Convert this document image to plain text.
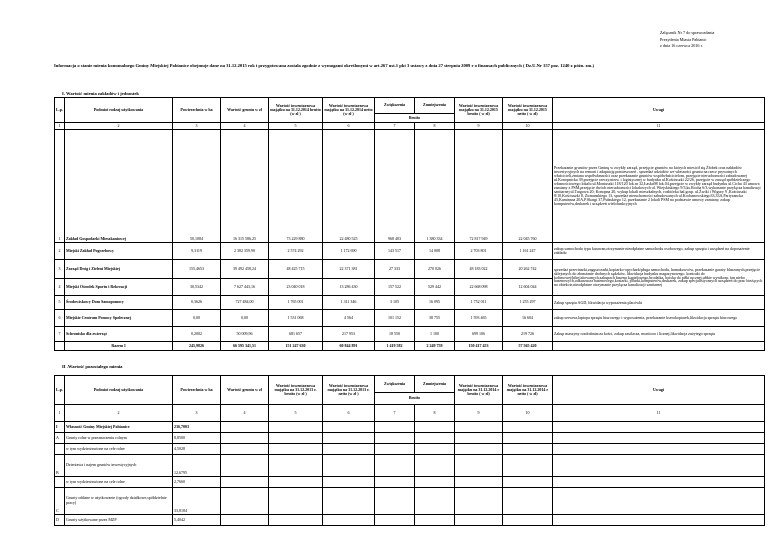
Załącznik Nr 7 do sprawozdania
Prezydenta Miasta Pabianic
z dnia 16 czerwca 2016 r.
Informacja o stanie mienia komunalnego Gminy Miejskiej Pabianice obejmuje dane na 31.12.2015 rok i przygotowana została zgodnie z wymogami określonymi w art.267 ust.1 pkt 3 ustawy z dnia 27 sierpnia 2009 r o finansach publicznych ( Dz.U.Nr 157 poz. 1240 z późn. zm.)
I. Wartość mienia zakładów i jednostek
L.p.	Podmiot rodzaj użytkowania	Powierzchnia w ha	Wartość gruntu w zł	Wartość inwentarzowa majątku na 31.12.2014 brutto (w zł )	Wartość inwentarzowa majątku na 31.12.2014 netto (w zł )	Zwiększenia	Zmniejszenia	Wartość inwentarzowa majątku na 31.12.2015 brutto ( w zł)	Wartość inwentarzowa majątku na 31.12.2015 netto ( w zł)	Uwagi
						Brutto				
1	2	3	4	5	6	7	8	9	10	11
1	Zakład Gospodarki Mieszkaniowej	50,1084	16 315 586,25	73 229 880	22 480 525	968 403	1 380 334	72 817 949	22 045 760	Przekazanie gruntów przez Gminę w zwykły zarząd, przejęcie gruntów na których miesicił się Żłobek oraz nakładów inwestycyjnych na remont i adaptację pomieszczeń , sprzedaż udziałów we własności gruntu na rzecz prywatnych właścicieli,zmiana współwłasności oraz przekazanie gruntów współwłaścicielom, przejęcie nieruchomości zabudowanej ul.Konopnicka 39,przejęcie rzeczy.nieru. i logistycznej w budynku ul.Kościuszki 22/26, przejęcie w zarząd spółdzielczego własnościowego lokalu ul.Moniuszki 118/120 lok.nr 32,Łaska98 lok.04,przejęcie w zwykły zarząd budynku ul.Cicha 43 umowa zamiany z PSM,przejęcie dwóch nieruchomości lokalowych ul. Wiejskiskiego 9/3,ks.Rocha 6/3,wykonanie przyłącza kanalizacji sanitarnej ul.Targowa 20; Konopna 20, wykup lokali mieszkalnych, rozbiórka hal.gosp. ul.Żwiki i Wigury 9 ,Kościuszki 8/10,Kościuszki 8, Zirmanskiego 13, sprzedaż nieruchomości zabudowanych ul.Kochanowskiego33,33A,Partyzancka 45,Kaminsna 20A,P.Skargi 37,Pułaskiego 12, przekazanie 2 lokali PSM na podstawie umowy zamiany, zakup komputerów,drukarek i urządzeń wielofunkcyjnych
2	Miejski Zakład Pogrzebowy	9,3119	2 382 359,90	2 574 292	1 172 690	143 517	14 008	2 703 801	1 161 247	zakup samochodu typu karawan,otrzymanie nieodpłatne samochodu osobowego, zakup sprzętu i urządzeń na doposażenie zakładu
3	Zarząd Dróg i Zieleni Miejskiej	155,4653	39 492 458,24	48 425 715	22 371 381	27 333	270 026	48 183 022	20 262 742	sprzedaż przecinarki,zagęszczarki,kopiarko-opychark/pługa samochodu, hamakowców, przekazanie garaży blaszanych,przejęcie sklejonych do złomżanie drobnych sądzków, likwidacja budynku magazynowego. kontrakt do kolimowej/bike/aitowanych,zakupach basenu kąpielowego,brodzika, boiska do piłki ręcznej,ułtkie wynikom, fan niebo basenowych,odkurzacza basenowego,kosiarki, pilarki,komputerów,drukarek, zakup specjalistycznych urządzeń do prac bieżących na obiekcie,nieodpłatne otrzymanie przyłącza kanalizacji sanitarnej
4	Miejski Ośrodek Sportu i Rekreacji	30,5342	7 627 443,16	23 040 018	13 286 430	157 522	529 442	22 668 098	12 604 044	
5	Środowiskowy Dom Samopomocy	0,3626	727 484,00	1 765 001	1 311 346	3 105	16 095	1 752 011	1 255 297	Zakup sprzętu AGD, likwidacja wyposażenia placówki
6	Miejskie Centrum Pomocy Społecznej	0,00	0,00	1 531 068	4 564	101 152	38 755	1 593 465	16 604	zakup serwera,laptopa sprzętu biurowego i wyposażenia, przekazanie kserokopiarek,likwidacja sprzętu biurowego
7	Schronisko dla zwierząt	0,2002	50 009,96	681 657	217 953	18 550	1 100	699 106	219 726	Zakup maszyny rozdrabniacza kości, zakup zasilacza, monitora i licznej,likwidacja zużytego sprzętu
	Razem I	245,9826	66 595 341,51	151 247 630	60 844 891	1 419 582	2 249 759	150 417 453	57 565 420	
II .Wartość pozostałego mienia
L.p.	Podmiot rodzaj użytkowania	Powierzchnia w ha	Wartość gruntu w zł	Wartość inwentarzowa majątku na 31.12.2013 r. brutto (w zł )	Wartość inwentarzowa majątku na 31.12.2013 r. netto (w zł )	Zwiększenia	Zmniejszenia	Wartość inwentarzowa majątku na 31.12.2014 r brutto ( w zł)	Wartość inwentarzowa majątku na 31.12.2014 r netto ( w zł)	Uwagi
						Brutto				
1	2	3	4	5	6	7	8	9	10	11
I	Własność Gminy Miejskiej Pabianice	236,7003								
A	Grunty rolne w przeznaczeniu rolnym	8,8500								
	w tym wydzierżawione na cele rolne	4,5028								
B	Dzierżawa i najem gruntów inwestycyjnych	12,6795								
	w tym wydzierżawione na cele rolne	2,7660								
C	Grunty oddane w użytkowanie (ogrody działkowe,spółdzielnie pracy)	33,8184								
D	Grunty użytkowane przez MZP	5,4042								
